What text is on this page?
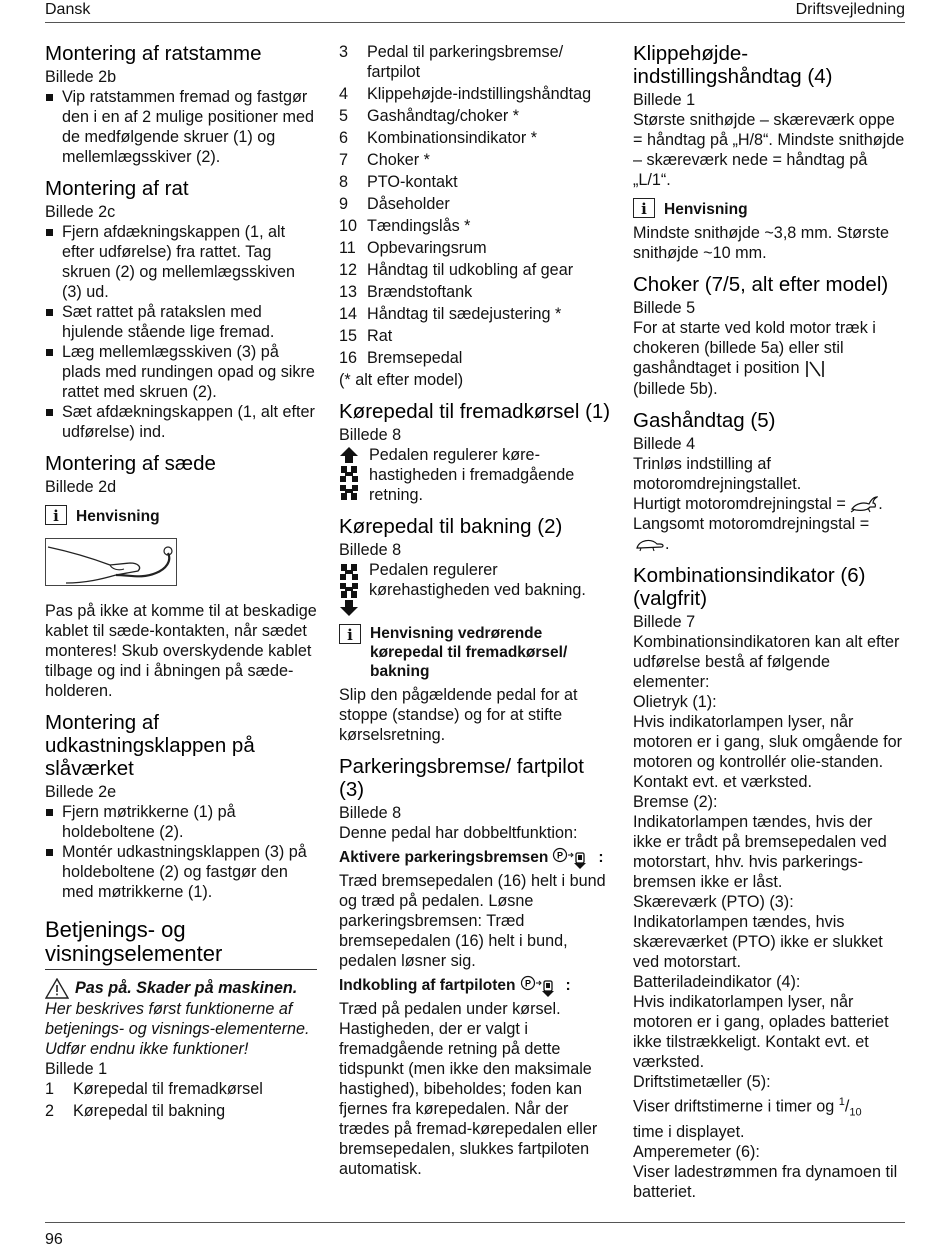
Dansk	Driftsvejledning
Montering af ratstamme

Billede 2b

Vip ratstammen fremad og fastgør den i en af 2 mulige positioner med de medfølgende skruer (1) og mellemlægsskiver (2).
Montering af rat

Billede 2c

Fjern afdækningskappen (1, alt efter udførelse) fra rattet. Tag skruen (2) og mellemlægsskiven (3) ud.
Sæt rattet på ratakslen med hjulende stående lige fremad.
Læg mellemlægsskiven (3) på plads med rundingen opad og sikre rattet med skruen (2).
Sæt afdækningskappen (1, alt efter udførelse) ind.
Montering af sæde

Billede 2d

i	Henvisning

Pas på ikke at komme til at beskadige kablet til sæde-kontakten, når sædet monteres! Skub overskydende kablet tilbage og ind i åbningen på sæde-holderen.

Montering af udkastningsklappen på slåværket

Billede 2e

Fjern møtrikkerne (1) på holdeboltene (2).
Montér udkastningsklappen (3) på holdeboltene (2) og fastgør den med møtrikkerne (1).
Betjenings- og visningselementer
Pas på. Skader på maskinen.

Her beskrives først funktionerne af betjenings- og visnings-elementerne. Udfør endnu ikke funktioner!

Billede 1

1	Kørepedal til fremadkørsel
2	Kørepedal til bakning
3	Pedal til parkeringsbremse/ fartpilot
4	Klippehøjde-indstillingshåndtag
5	Gashåndtag/choker *
6	Kombinationsindikator *
7	Choker *
8	PTO-kontakt
9	Dåseholder
10 Tændingslås *
11 Opbevaringsrum
12 Håndtag til udkobling af gear
13 Brændstoftank
14 Håndtag til sædejustering *
15 Rat
16 Bremsepedal

(* alt efter model)

Kørepedal til fremadkørsel (1)

Billede 8

Pedalen regulerer kørehastigheden i fremadgående retning.
Kørepedal til bakning (2)

Billede 8

Pedalen regulerer kørehastigheden ved bakning.
i	Henvisning vedrørende kørepedal til fremadkørsel/ bakning

Slip den pågældende pedal for at stoppe (standse) og for at stifte kørselsretning.

Parkeringsbremse/ fartpilot (3)

Billede 8

Denne pedal har dobbeltfunktion:

Aktivere parkeringsbremsen P :

Træd bremsepedalen (16) helt i bund og træd på pedalen. Løsne parkeringsbremsen: Træd bremsepedalen (16) helt i bund, pedalen løsner sig.

Indkobling af fartpiloten P :

Træd på pedalen under kørsel. Hastigheden, der er valgt i fremadgående retning på dette tidspunkt (men ikke den maksimale hastighed), bibeholdes; foden kan fjernes fra kørepedalen. Når der trædes på fremad-kørepedalen eller bremsepedalen, slukkes fartpiloten automatisk.

Klippehøjde-indstillingshåndtag (4)

Billede 1

Største snithøjde – skæreværk oppe = håndtag på „H/8“. Mindste snithøjde – skæreværk nede = håndtag på „L/1“.

i	Henvisning

Mindste snithøjde ~3,8 mm. Største snithøjde ~10 mm.

Choker (7/5, alt efter model)

Billede 5

For at starte ved kold motor træk i chokeren (billede 5a) eller stil gashåndtaget i position
(billede 5b).

Gashåndtag (5)

Billede 4

Trinløs indstilling af motoromdrejningstallet.

Hurtigt motoromdrejningstal = .

Langsomt motoromdrejningstal =
.

Kombinationsindikator (6) (valgfrit)

Billede 7

Kombinationsindikatoren kan alt efter udførelse bestå af følgende elementer:

Olietryk (1):

Hvis indikatorlampen lyser, når motoren er i gang, sluk omgående for motoren og kontrollér olie-standen. Kontakt evt. et værksted.

Bremse (2):

Indikatorlampen tændes, hvis der ikke er trådt på bremsepedalen ved motorstart, hhv. hvis parkerings-bremsen ikke er låst.

Skæreværk (PTO) (3):

Indikatorlampen tændes, hvis skæreværket (PTO) ikke er slukket ved motorstart.

Batteriladeindikator (4):

Hvis indikatorlampen lyser, når motoren er i gang, oplades batteriet ikke tilstrækkeligt. Kontakt evt. et værksted.

Driftstimetæller (5):

Viser driftstimerne i timer og $^1/_{10}$
time i displayet.

Amperemeter (6):

Viser ladestrømmen fra dynamoen til batteriet.

96
